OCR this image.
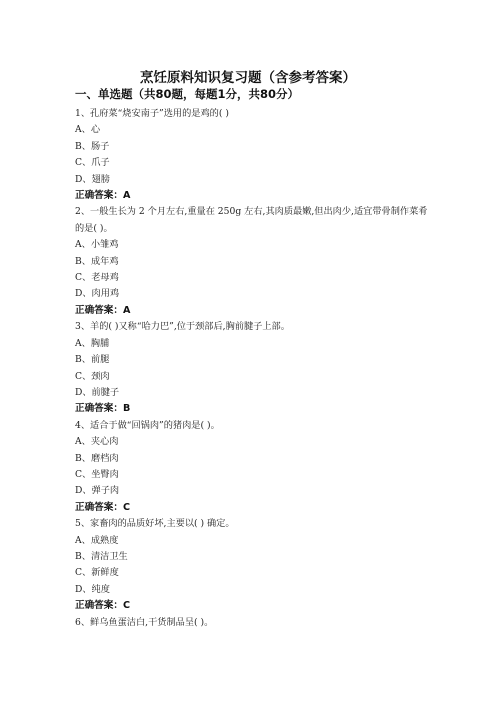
烹饪原料知识复习题（含参考答案）
一、单选题（共80题，每题1分，共80分）
1、孔府菜“烧安南子”选用的是鸡的( )
A、心
B、肠子
C、爪子
D、翅膀
正确答案：A
2、一般生长为 2 个月左右,重量在 250g 左右,其肉质最嫩,但出肉少,适宜带骨制作菜肴的是( )。
A、小雏鸡
B、成年鸡
C、老母鸡
D、肉用鸡
正确答案：A
3、羊的( )又称“哈力巴”,位于颈部后,胸前腱子上部。
A、胸脯
B、前腿
C、颈肉
D、前腱子
正确答案：B
4、适合于做“回锅肉”的猪肉是( )。
A、夹心肉
B、磨档肉
C、坐臀肉
D、弹子肉
正确答案：C
5、家畜肉的品质好坏,主要以( ) 确定。
A、成熟度
B、清洁卫生
C、新鲜度
D、纯度
正确答案：C
6、鲜乌鱼蛋洁白,干货制品呈( )。
